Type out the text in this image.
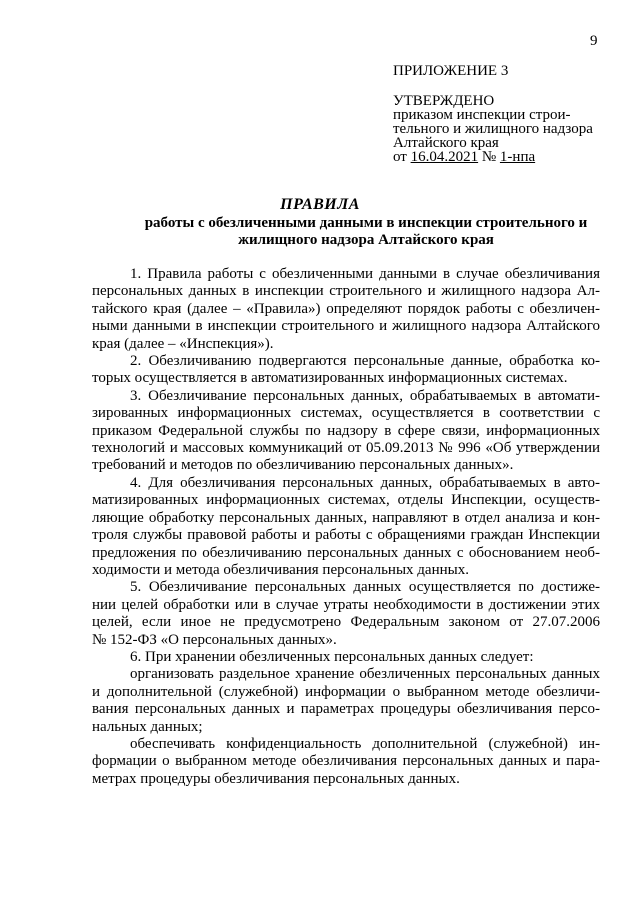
9
ПРИЛОЖЕНИЕ 3
УТВЕРЖДЕНО
приказом инспекции строи-
тельного и жилищного надзора
Алтайского края
от 16.04.2021 № 1-нпа
ПРАВИЛА
работы с обезличенными данными в инспекции строительного и
жилищного надзора Алтайского края

1. Правила работы с обезличенными данными в случае обезличивания
персональных данных в инспекции строительного и жилищного надзора Ал-
тайского края (далее – «Правила») определяют порядок работы с обезличен-
ными данными в инспекции строительного и жилищного надзора Алтайского
края (далее – «Инспекция»).

2. Обезличиванию подвергаются персональные данные, обработка ко-
торых осуществляется в автоматизированных информационных системах.

3. Обезличивание персональных данных, обрабатываемых в автомати-
зированных информационных системах, осуществляется в соответствии с
приказом Федеральной службы по надзору в сфере связи, информационных
технологий и массовых коммуникаций от 05.09.2013 № 996 «Об утверждении
требований и методов по обезличиванию персональных данных».

4. Для обезличивания персональных данных, обрабатываемых в авто-
матизированных информационных системах, отделы Инспекции, осуществ-
ляющие обработку персональных данных, направляют в отдел анализа и кон-
троля службы правовой работы и работы с обращениями граждан Инспекции
предложения по обезличиванию персональных данных с обоснованием необ-
ходимости и метода обезличивания персональных данных.

5. Обезличивание персональных данных осуществляется по достиже-
нии целей обработки или в случае утраты необходимости в достижении этих
целей, если иное не предусмотрено Федеральным законом от 27.07.2006
№ 152-ФЗ «О персональных данных».

6. При хранении обезличенных персональных данных следует:

организовать раздельное хранение обезличенных персональных данных
и дополнительной (служебной) информации о выбранном методе обезличи-
вания персональных данных и параметрах процедуры обезличивания персо-
нальных данных;

обеспечивать конфиденциальность дополнительной (служебной) ин-
формации о выбранном методе обезличивания персональных данных и пара-
метрах процедуры обезличивания персональных данных.
